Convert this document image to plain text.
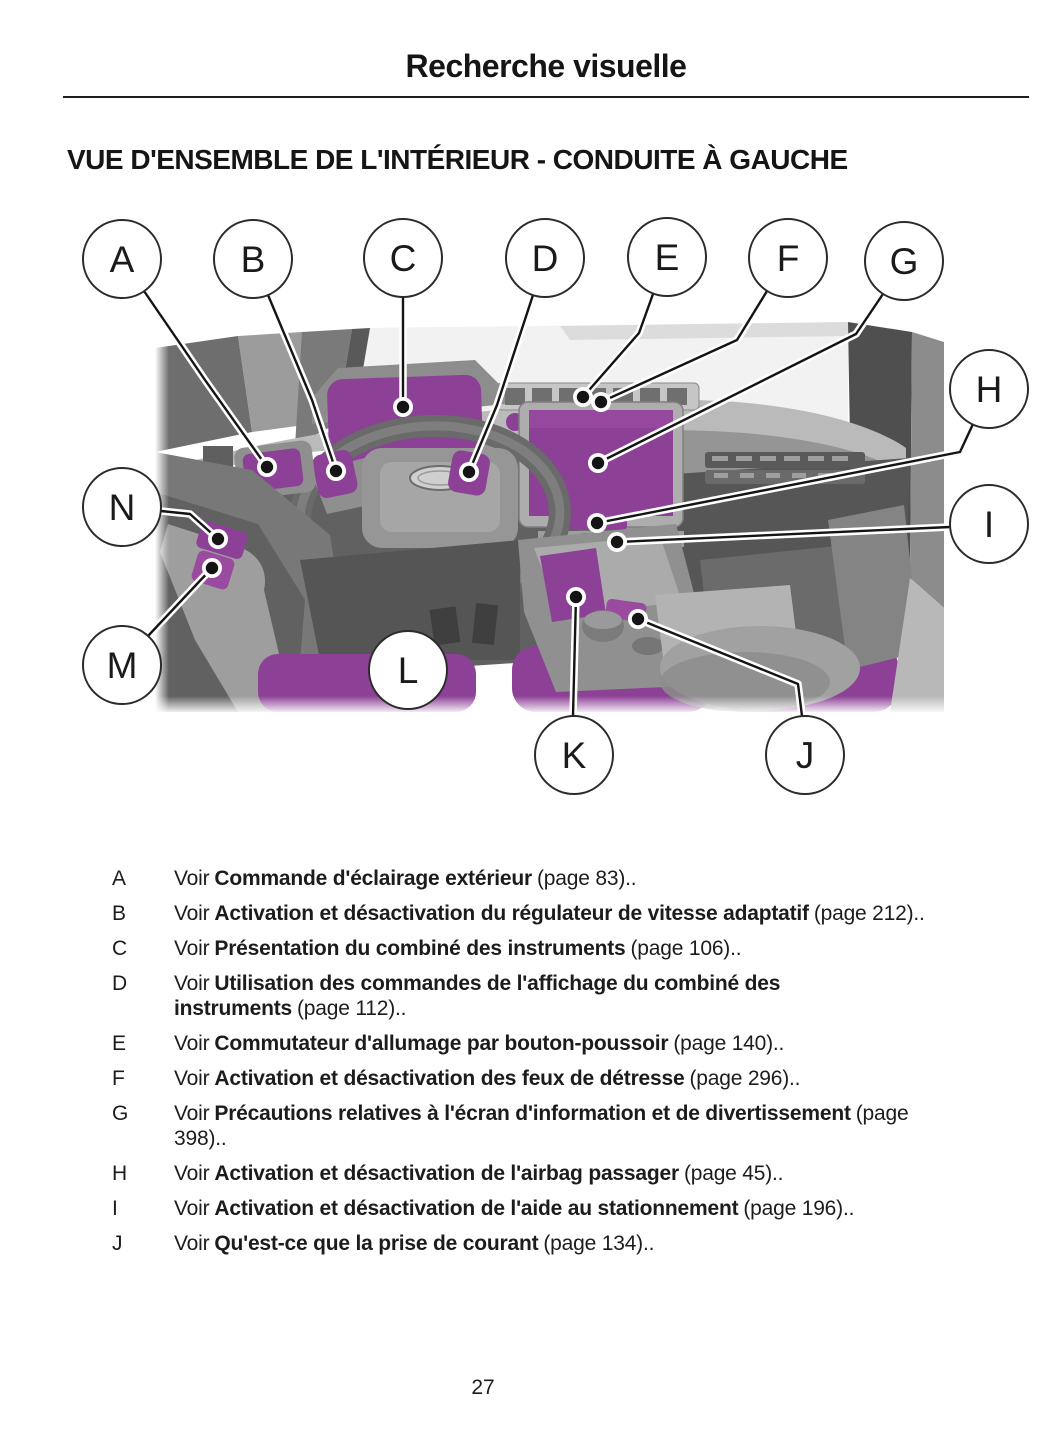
Recherche visuelle
VUE D'ENSEMBLE DE L'INTÉRIEUR - CONDUITE À GAUCHE
A	B	C	D	E	F G
H
I
J
K
L
M
N
A	Voir Commande d'éclairage extérieur (page 83)..
B	Voir Activation et désactivation du régulateur de vitesse adaptatif (page 212)..
C	Voir Présentation du combiné des instruments (page 106)..
D	Voir Utilisation des commandes de l'affichage du combiné des instruments (page 112)..
E	Voir Commutateur d'allumage par bouton-poussoir (page 140)..
F	Voir Activation et désactivation des feux de détresse (page 296)..
G	Voir Précautions relatives à l'écran d'information et de divertissement (page 398)..
H	Voir Activation et désactivation de l'airbag passager (page 45)..
I	Voir Activation et désactivation de l'aide au stationnement (page 196)..
J	Voir Qu'est-ce que la prise de courant (page 134)..
27
